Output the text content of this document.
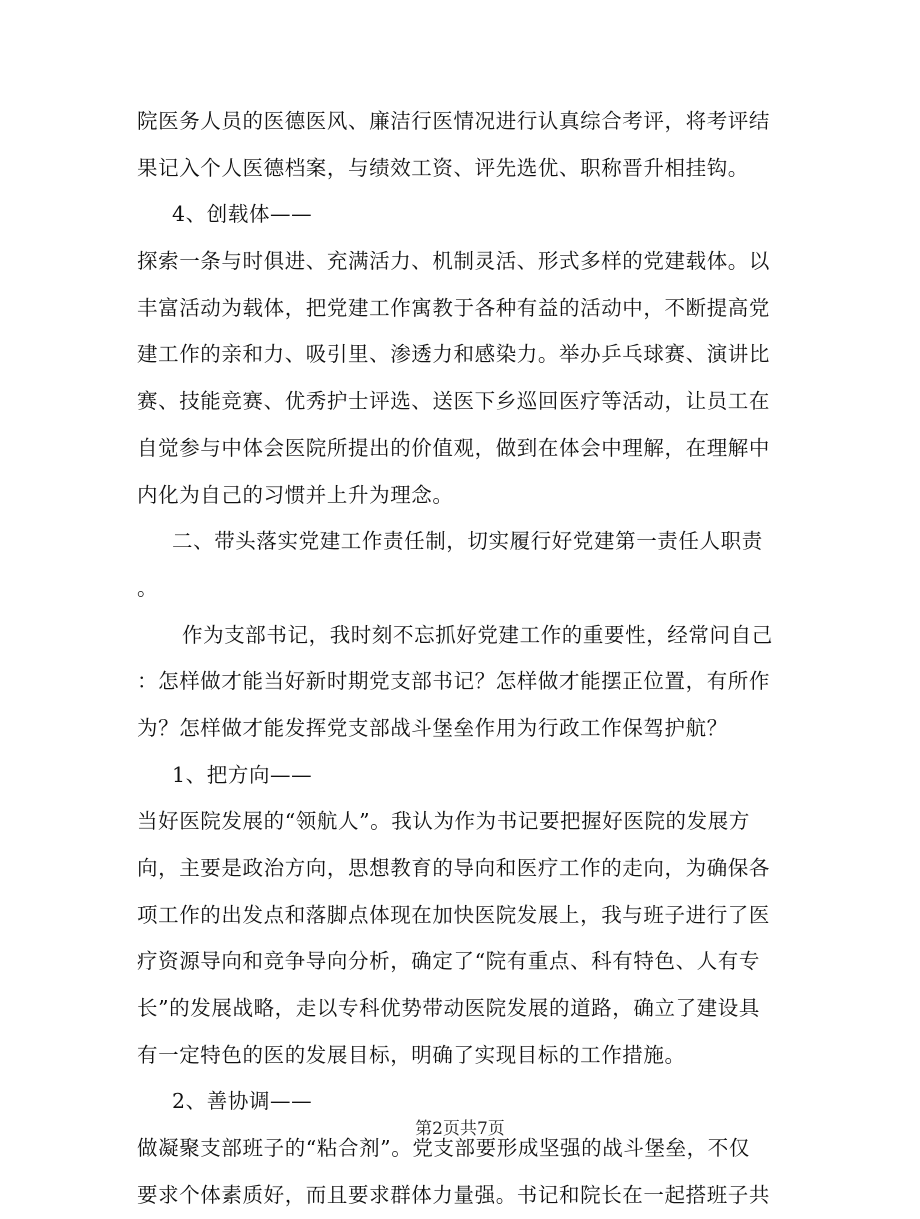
院医务人员的医德医风、廉洁行医情况进行认真综合考评，将考评结
果记入个人医德档案，与绩效工资、评先选优、职称晋升相挂钩。
4、创载体——
探索一条与时俱进、充满活力、机制灵活、形式多样的党建载体。以
丰富活动为载体，把党建工作寓教于各种有益的活动中，不断提高党
建工作的亲和力、吸引里、渗透力和感染力。举办乒乓球赛、演讲比
赛、技能竞赛、优秀护士评选、送医下乡巡回医疗等活动，让员工在
自觉参与中体会医院所提出的价值观，做到在体会中理解，在理解中
内化为自己的习惯并上升为理念。
二、带头落实党建工作责任制，切实履行好党建第一责任人职责
。
作为支部书记，我时刻不忘抓好党建工作的重要性，经常问自己
：怎样做才能当好新时期党支部书记？怎样做才能摆正位置，有所作
为？怎样做才能发挥党支部战斗堡垒作用为行政工作保驾护航？
1、把方向——
当好医院发展的“领航人”。我认为作为书记要把握好医院的发展方
向，主要是政治方向，思想教育的导向和医疗工作的走向，为确保各
项工作的出发点和落脚点体现在加快医院发展上，我与班子进行了医
疗资源导向和竞争导向分析，确定了“院有重点、科有特色、人有专
长”的发展战略，走以专科优势带动医院发展的道路，确立了建设具
有一定特色的医的发展目标，明确了实现目标的工作措施。
2、善协调——
做凝聚支部班子的“粘合剂”。党支部要形成坚强的战斗堡垒，不仅
要求个体素质好，而且要求群体力量强。书记和院长在一起搭班子共
第2页共7页
